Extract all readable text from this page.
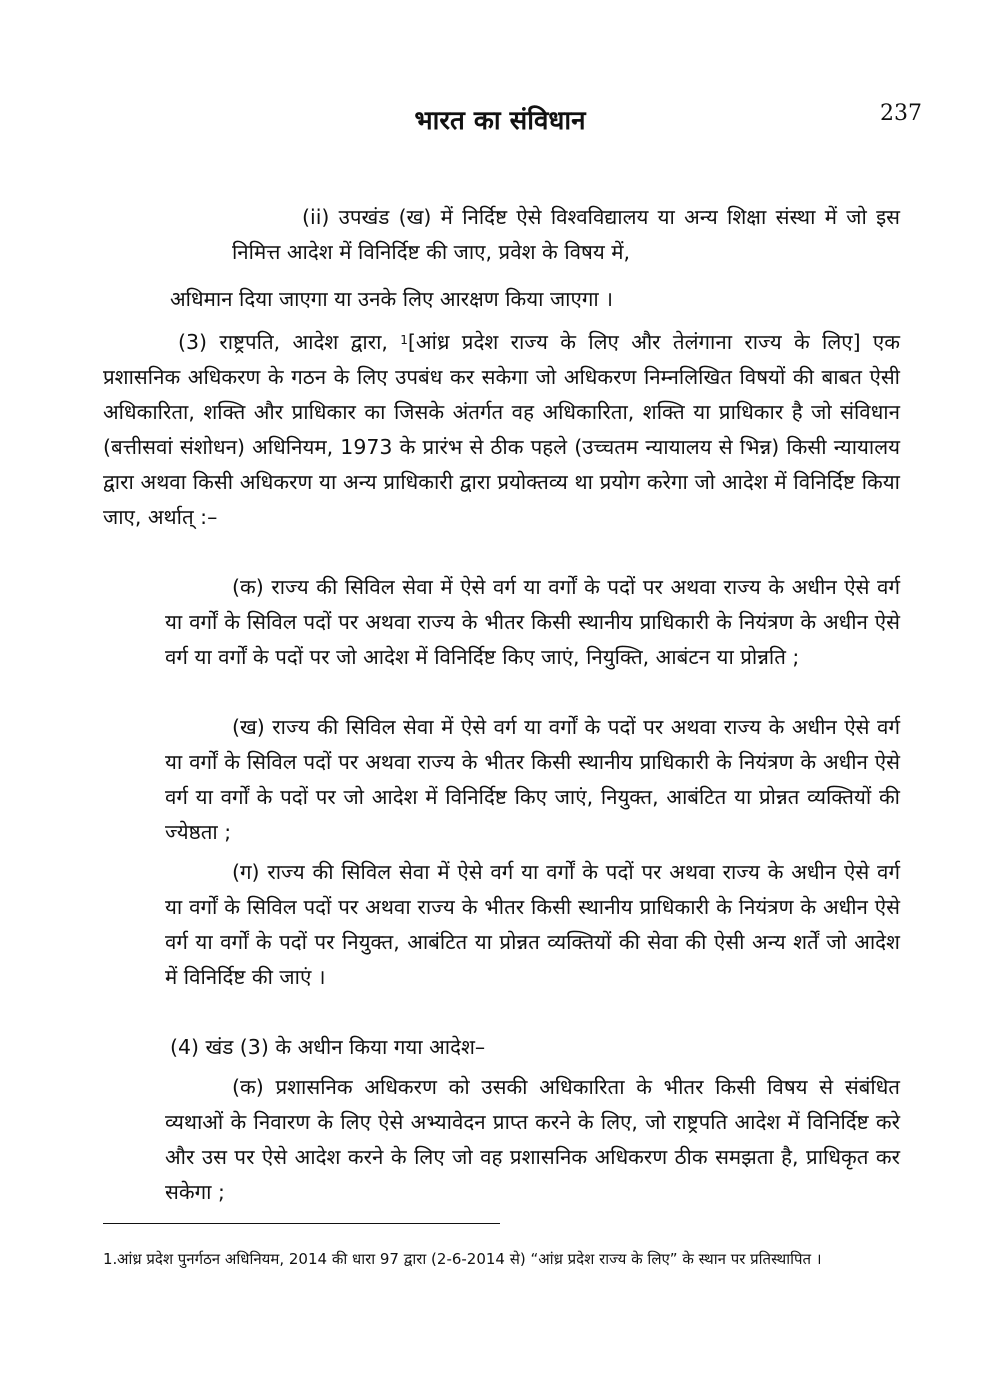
भारत का संविधान	237

(ii) उपखंड (ख) में निर्दिष्ट ऐसे विश्वविद्यालय या अन्य शिक्षा संस्था में जो इस निमित्त आदेश में विनिर्दिष्ट की जाए, प्रवेश के विषय में,

अधिमान दिया जाएगा या उनके लिए आरक्षण किया जाएगा ।

(3) राष्ट्रपति, आदेश द्वारा, $^1$[आंध्र प्रदेश राज्य के लिए और तेलंगाना राज्य के लिए] एक प्रशासनिक अधिकरण के गठन के लिए उपबंध कर सकेगा जो अधिकरण निम्नलिखित विषयों की बाबत ऐसी अधिकारिता, शक्ति और प्राधिकार का जिसके अंतर्गत वह अधिकारिता, शक्ति या प्राधिकार है जो संविधान (बत्तीसवां संशोधन) अधिनियम, 1973 के प्रारंभ से ठीक पहले (उच्चतम न्यायालय से भिन्न) किसी न्यायालय द्वारा अथवा किसी अधिकरण या अन्य प्राधिकारी द्वारा प्रयोक्तव्य था प्रयोग करेगा जो आदेश में विनिर्दिष्ट किया जाए, अर्थात् :–

(क) राज्य की सिविल सेवा में ऐसे वर्ग या वर्गों के पदों पर अथवा राज्य के अधीन ऐसे वर्ग या वर्गों के सिविल पदों पर अथवा राज्य के भीतर किसी स्थानीय प्राधिकारी के नियंत्रण के अधीन ऐसे वर्ग या वर्गों के पदों पर जो आदेश में विनिर्दिष्ट किए जाएं, नियुक्ति, आबंटन या प्रोन्नति ;

(ख) राज्य की सिविल सेवा में ऐसे वर्ग या वर्गों के पदों पर अथवा राज्य के अधीन ऐसे वर्ग या वर्गों के सिविल पदों पर अथवा राज्य के भीतर किसी स्थानीय प्राधिकारी के नियंत्रण के अधीन ऐसे वर्ग या वर्गों के पदों पर जो आदेश में विनिर्दिष्ट किए जाएं, नियुक्त, आबंटित या प्रोन्नत व्यक्तियों की ज्येष्ठता ;

(ग) राज्य की सिविल सेवा में ऐसे वर्ग या वर्गों के पदों पर अथवा राज्य के अधीन ऐसे वर्ग या वर्गों के सिविल पदों पर अथवा राज्य के भीतर किसी स्थानीय प्राधिकारी के नियंत्रण के अधीन ऐसे वर्ग या वर्गों के पदों पर नियुक्त, आबंटित या प्रोन्नत व्यक्तियों की सेवा की ऐसी अन्य शर्तें जो आदेश में विनिर्दिष्ट की जाएं ।

(4) खंड (3) के अधीन किया गया आदेश–

(क) प्रशासनिक अधिकरण को उसकी अधिकारिता के भीतर किसी विषय से संबंधित व्यथाओं के निवारण के लिए ऐसे अभ्यावेदन प्राप्त करने के लिए, जो राष्ट्रपति आदेश में विनिर्दिष्ट करे और उस पर ऐसे आदेश करने के लिए जो वह प्रशासनिक अधिकरण ठीक समझता है, प्राधिकृत कर सकेगा ;

1.आंध्र प्रदेश पुनर्गठन अधिनियम, 2014 की धारा 97 द्वारा (2-6-2014 से) “आंध्र प्रदेश राज्य के लिए” के स्थान पर प्रतिस्थापित ।
